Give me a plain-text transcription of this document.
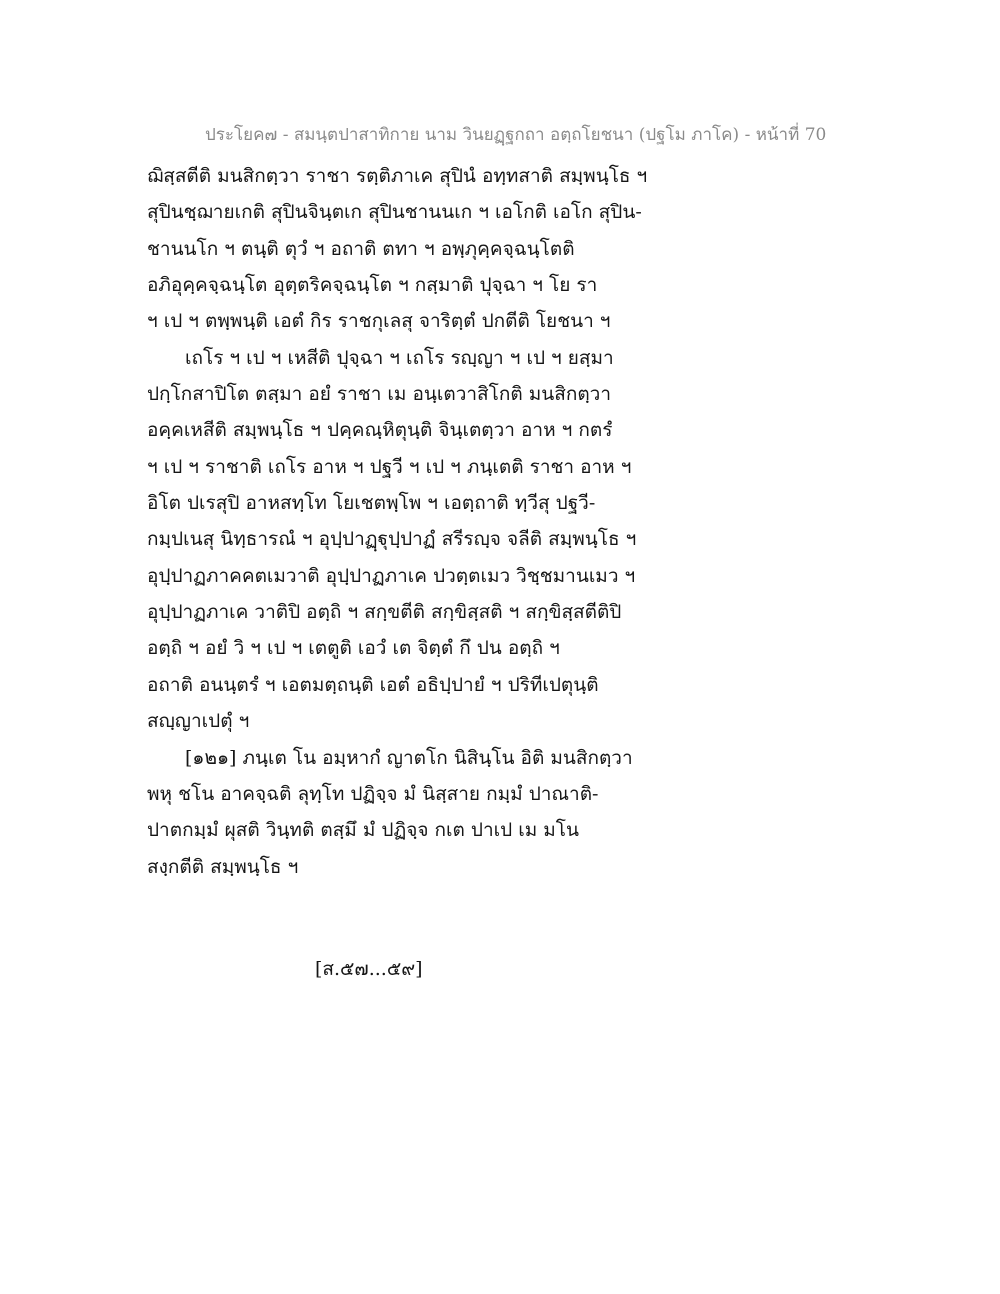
ประโยค๗ - สมนฺตปาสาทิกาย นาม วินยฏฺฐกถา อตฺถโยชนา (ปฐโม ภาโค) - หน้าที่ 70
ฌิสฺสตีติ มนสิกตฺวา ราชา รตฺติภาเค สุปินํ อทฺทสาติ สมฺพนฺโธ ฯ
สุปินชฺฌายเกติ สุปินจินฺตเก สุปินชานนเก ฯ เอโกติ เอโก สุปิน-
ชานนโก ฯ ตนฺติ ตุวํ ฯ อถาติ ตทา ฯ อพฺภุคฺคจฺฉนฺโตติ
อภิอุคฺคจฺฉนฺโต อุตฺตริคจฺฉนฺโต ฯ กสฺมาติ ปุจฺฉา ฯ โย รา
ฯ เป ฯ ตพฺพนฺติ เอตํ กิร ราชกุเลสุ จาริตฺตํ ปกตีติ โยชนา ฯ
เถโร ฯ เป ฯ เหสีติ ปุจฺฉา ฯ เถโร รญฺญา ฯ เป ฯ ยสฺมา
ปกฺโกสาปิโต ตสฺมา อยํ ราชา เม อนฺเตวาสิโกติ มนสิกตฺวา
อคฺคเหสีติ สมฺพนฺโธ ฯ ปคฺคณฺหิตุนฺติ จินฺเตตฺวา อาห ฯ กตรํ
ฯ เป ฯ ราชาติ เถโร อาห ฯ ปฐวี ฯ เป ฯ ภนฺเตติ ราชา อาห ฯ
อิโต ปเรสุปิ อาหสทฺโท โยเชตพฺโพ ฯ เอตฺถาติ ทฺวีสุ ปฐวี-
กมฺปเนสุ นิทฺธารณํ ฯ อุปฺปาฏฺฐุปฺปาฏํ สรีรญฺจ จลีติ สมฺพนฺโธ ฯ
อุปฺปาฏภาคคตเมวาติ อุปฺปาฏภาเค ปวตฺตเมว วิชฺชมานเมว ฯ
อุปฺปาฏภาเค วาติปิ อตฺถิ ฯ สกฺขตีติ สกฺขิสฺสติ ฯ สกฺขิสฺสตีติปิ
อตฺถิ ฯ อยํ วิ ฯ เป ฯ เตตูติ เอวํ เต จิตฺตํ กึ ปน อตฺถิ ฯ
อถาติ อนนฺตรํ ฯ เอตมตฺถนฺติ เอตํ อธิปฺปายํ ฯ ปริทีเปตุนฺติ
สญฺญาเปตุํ ฯ
[๑๒๑] ภนฺเต โน อมฺหากํ ญาตโก นิสินฺโน อิติ มนสิกตฺวา
พหุ ชโน อาคจฺฉติ ลุทฺโท ปฏิจฺจ มํ นิสฺสาย กมฺมํ ปาณาติ-
ปาตกมฺมํ ผุสติ วินฺทติ ตสฺมึ มํ ปฏิจฺจ กเต ปาเป เม มโน
สงฺกตีติ สมฺพนฺโธ ฯ
[ส.๕๗...๕๙]
